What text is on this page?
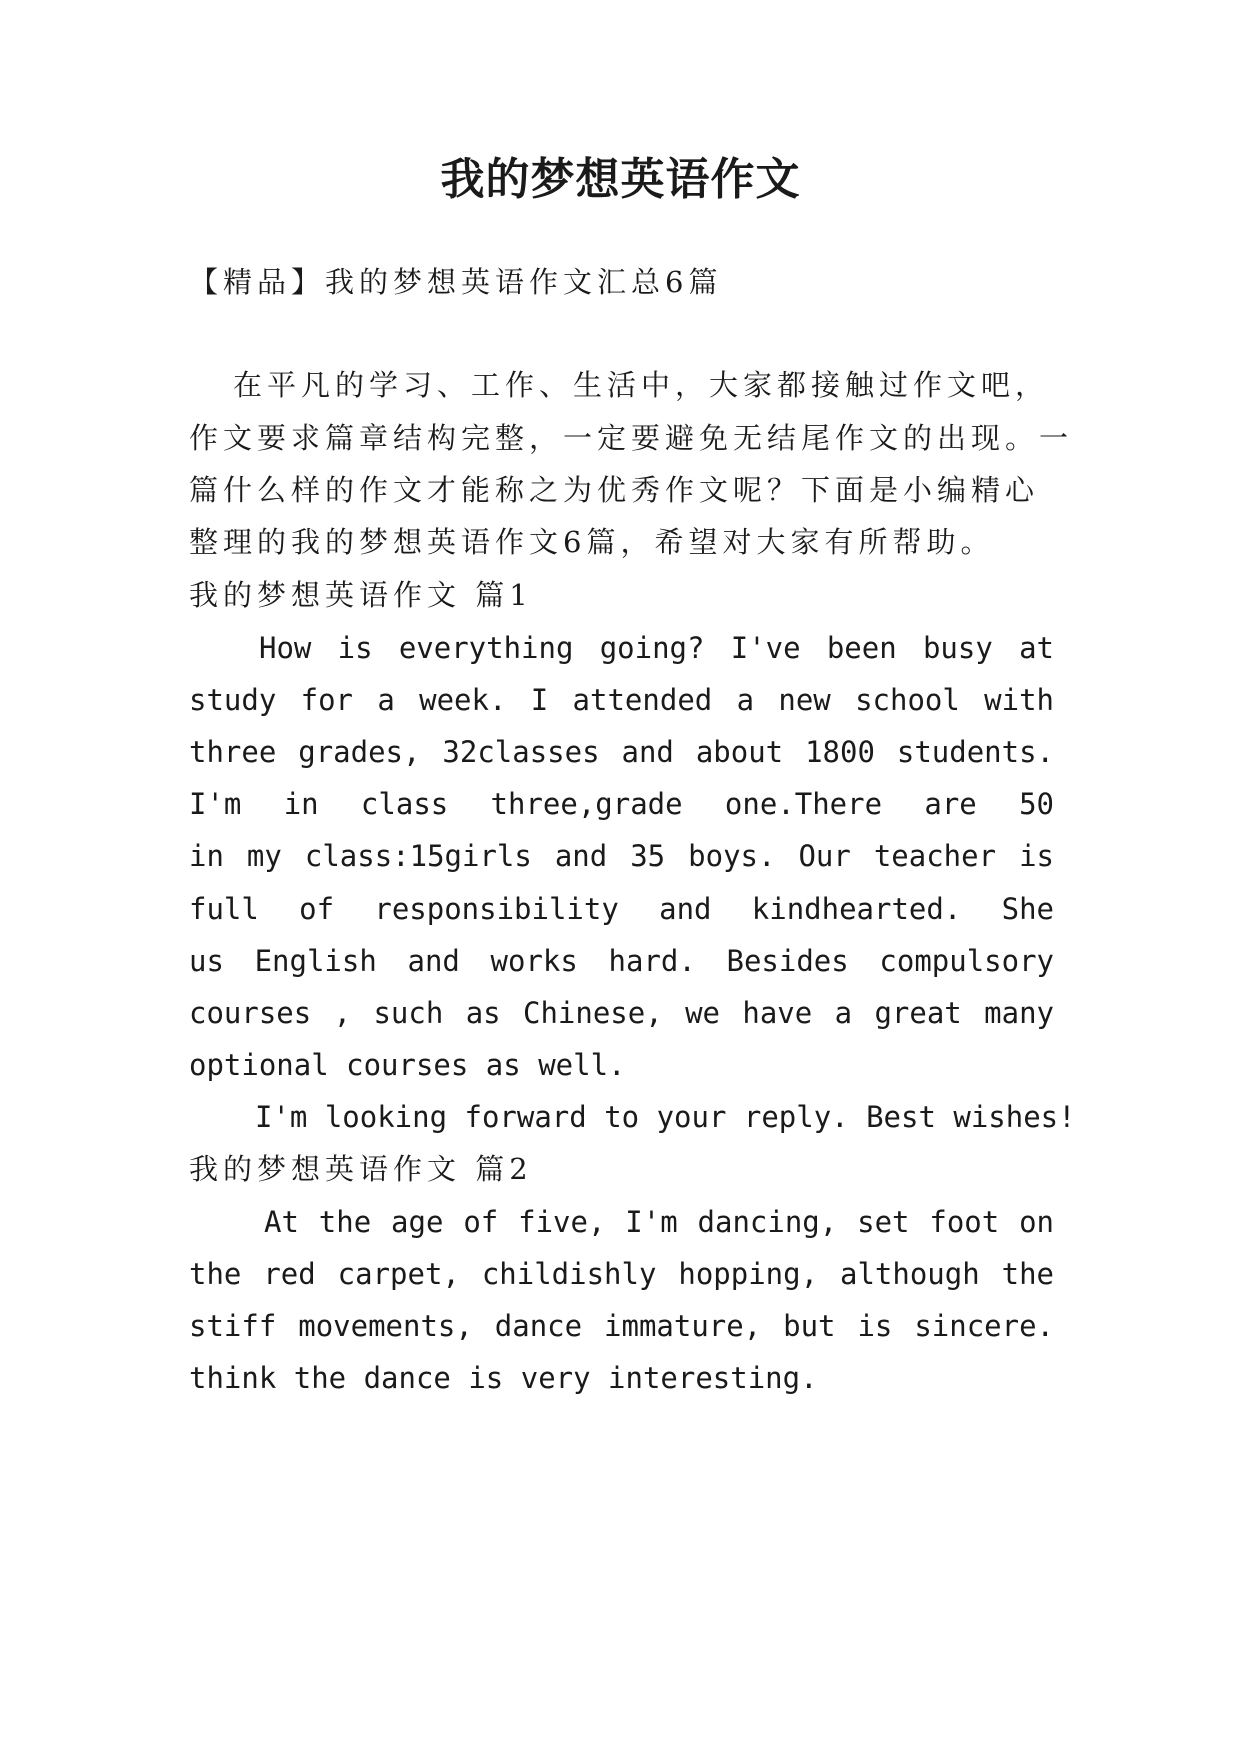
我的梦想英语作文
【精品】我的梦想英语作文汇总6篇
在平凡的学习、工作、生活中，大家都接触过作文吧，
作文要求篇章结构完整，一定要避免无结尾作文的出现。一
篇什么样的作文才能称之为优秀作文呢？下面是小编精心
整理的我的梦想英语作文6篇，希望对大家有所帮助。
我的梦想英语作文 篇1
How is everything going? I've been busy at
study for a week. I attended a new school with
three grades, 32classes and about 1800 students.
I'm in class three,grade one.There are 50
in my class:15girls and 35 boys. Our teacher is
full of responsibility and kindhearted. She
us English and works hard. Besides compulsory
courses , such as Chinese, we have a great many
optional courses as well.
I'm looking forward to your reply. Best wishes!
我的梦想英语作文 篇2
At the age of five, I'm dancing, set foot on
the red carpet, childishly hopping, although the
stiff movements, dance immature, but is sincere.
think the dance is very interesting.
